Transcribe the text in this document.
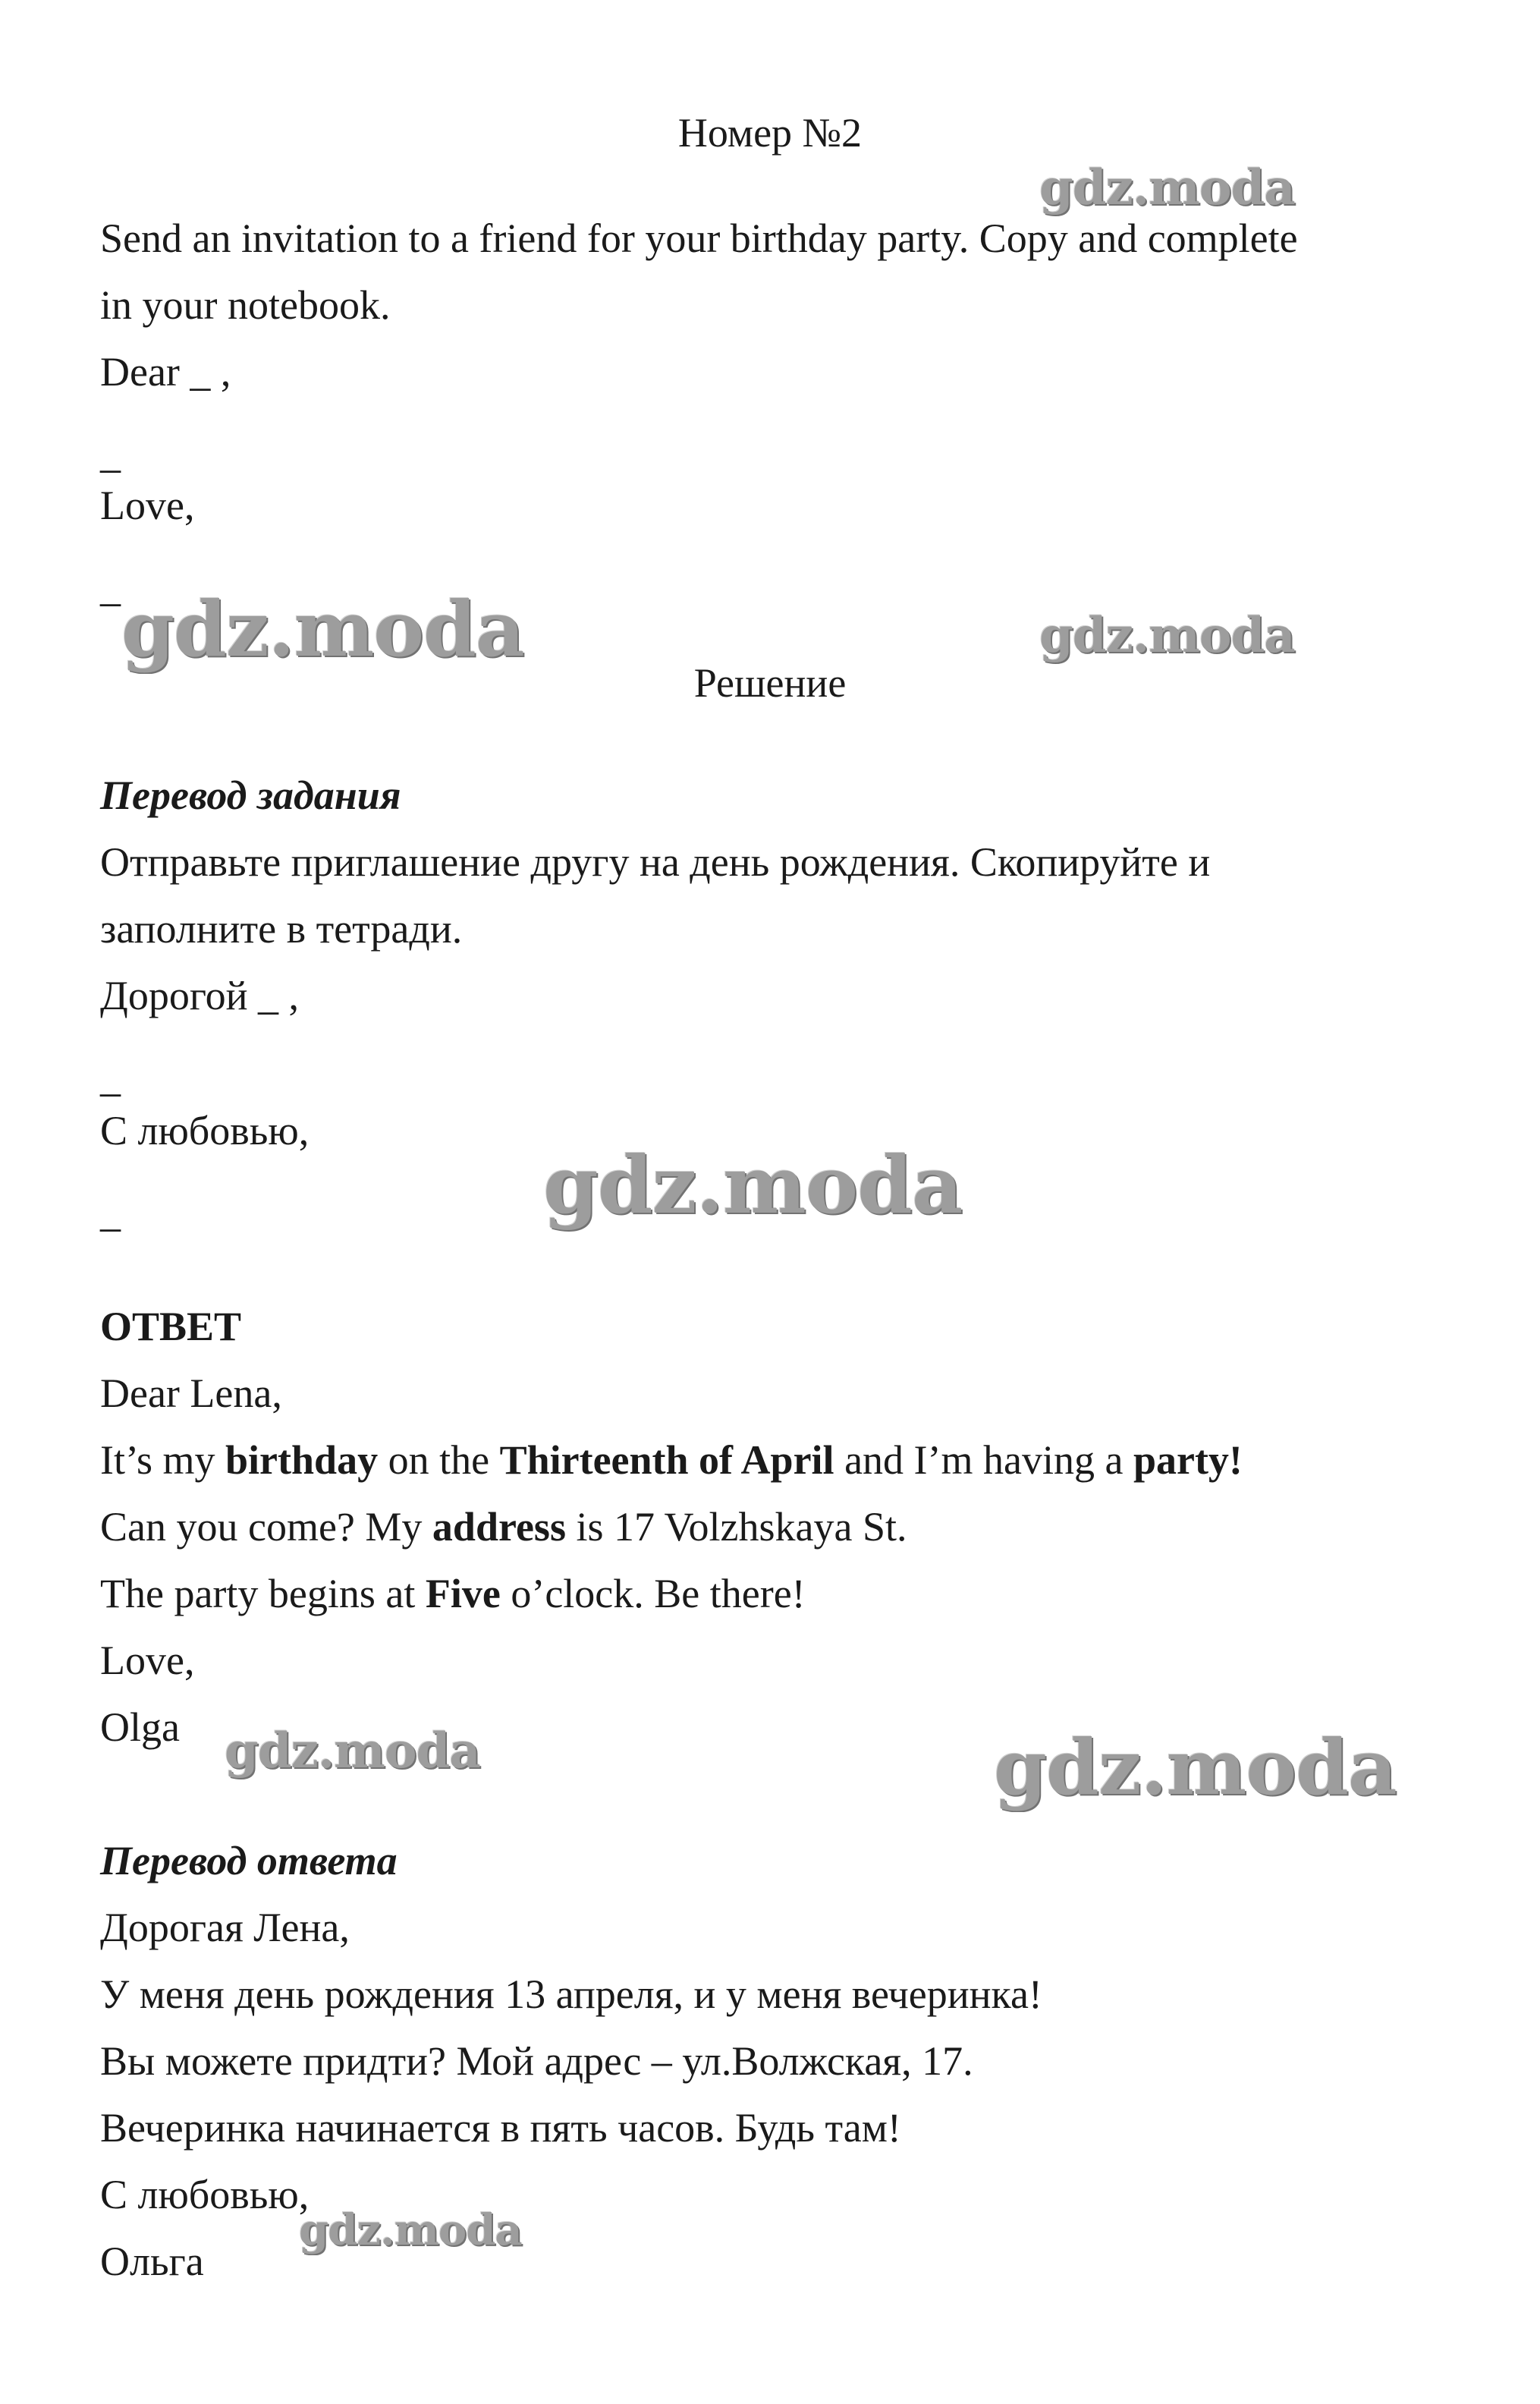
Номер №2
Send an invitation to a friend for your birthday party. Copy and complete
in your notebook.
Dear _ ,
_
Love,
_
Решение
Перевод задания
Отправьте приглашение другу на день рождения. Скопируйте и
заполните в тетради.
Дорогой _ ,
_
С любовью,
_
ОТВЕТ
Dear Lena,
It’s my birthday on the Thirteenth of April and I’m having a party!
Can you come? My address is 17 Volzhskaya St.
The party begins at Five o’clock. Be there!
Love,
Olga
Перевод ответа
Дорогая Лена,
У меня день рождения 13 апреля, и у меня вечеринка!
Вы можете придти? Мой адрес – ул.Волжская, 17.
Вечеринка начинается в пять часов. Будь там!
С любовью,
Ольга
gdz.moda
gdz.moda	gdz.moda
gdz.moda
gdz.moda	gdz.moda
gdz.moda
